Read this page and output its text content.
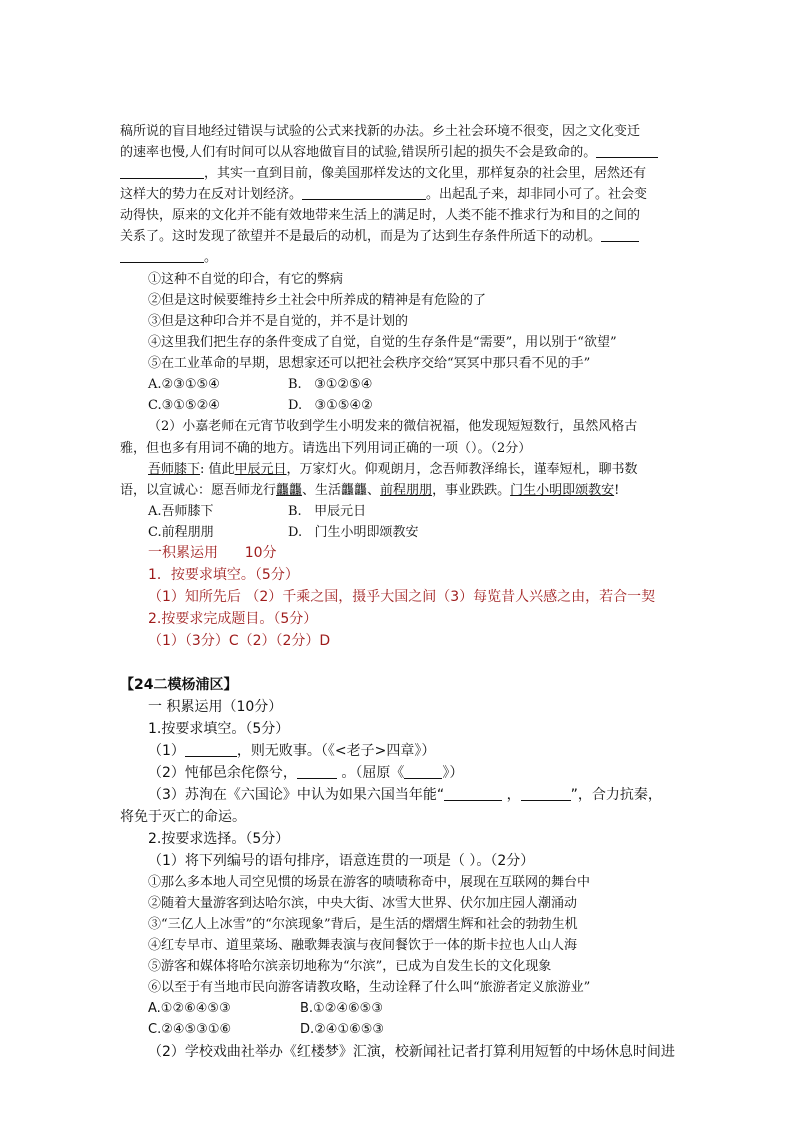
稿所说的盲目地经过错误与试验的公式来找新的办法。乡土社会环境不很变，因之文化变迁
的速率也慢,人们有时间可以从容地做盲目的试验,错误所引起的损失不会是致命的。
，其实一直到目前，像美国那样发达的文化里，那样复杂的社会里，居然还有
这样大的势力在反对计划经济。	。出起乱子来，却非同小可了。社会变
动得快，原来的文化并不能有效地带来生活上的满足时，人类不能不推求行为和目的之间的
关系了。这时发现了欲望并不是最后的动机，而是为了达到生存条件所适下的动机。
。
①这种不自觉的印合，有它的弊病
②但是这时候要维持乡土社会中所养成的精神是有危险的了
③但是这种印合并不是自觉的，并不是计划的
④这里我们把生存的条件变成了自觉，自觉的生存条件是“需要”，用以别于“欲望”
⑤在工业革命的早期，思想家还可以把社会秩序交给“冥冥中那只看不见的手”
A.②③①⑤④	B. ③①②⑤④
C.③①⑤②④	D. ③①⑤④②
（2）小嘉老师在元宵节收到学生小明发来的微信祝福，他发现短短数行，虽然风格古
雅，但也多有用词不确的地方。请选出下列用词正确的一项（）。（2分）
吾师膝下: 值此甲辰元日，万家灯火。仰观朗月，念吾师教泽绵长，谨奉短札，聊书数
语，以宣诚心：愿吾师龙行龘龘、生活龘龘、前程朋朋，事业跌跌。门生小明即颂教安!
A.吾师膝下	B. 甲辰元日
C.前程朋朋	D. 门生小明即颂教安
一积累运用 10分
1．按要求填空。（5分）
（1）知所先后 （2）千乘之国，摄乎大国之间（3）每览昔人兴感之由，若合一契
2.按要求完成题目。（5分）
（1）（3分）C（2）（2分）D
【24二模杨浦区】
一 积累运用（10分）
1.按要求填空。（5分）
（1）	，则无败事。（《<老子>四章》）
（2）忳郁邑余侘傺兮，	。（屈原《	》）
（3）苏洵在《六国论》中认为如果六国当年能“	，	”，合力抗秦，
将免于灭亡的命运。
2.按要求选择。（5分）
（1）将下列编号的语句排序，语意连贯的一项是（ ）。（2分）
①那么多本地人司空见惯的场景在游客的啧啧称奇中，展现在互联网的舞台中
②随着大量游客到达哈尔滨，中央大街、冰雪大世界、伏尔加庄园人潮涌动
③“三亿人上冰雪”的“尔滨现象”背后，是生活的熠熠生辉和社会的勃勃生机
④红专早市、道里菜场、融歌舞表演与夜间餐饮于一体的斯卡拉也人山人海
⑤游客和媒体将哈尔滨亲切地称为“尔滨”，已成为自发生长的文化现象
⑥以至于有当地市民向游客请教攻略，生动诠释了什么叫“旅游者定义旅游业”
A.①②⑥④⑤③	B.①②④⑥⑤③
C.②④⑤③①⑥	D.②④①⑥⑤③
（2）学校戏曲社举办《红楼梦》汇演，校新闻社记者打算利用短暂的中场休息时间进
